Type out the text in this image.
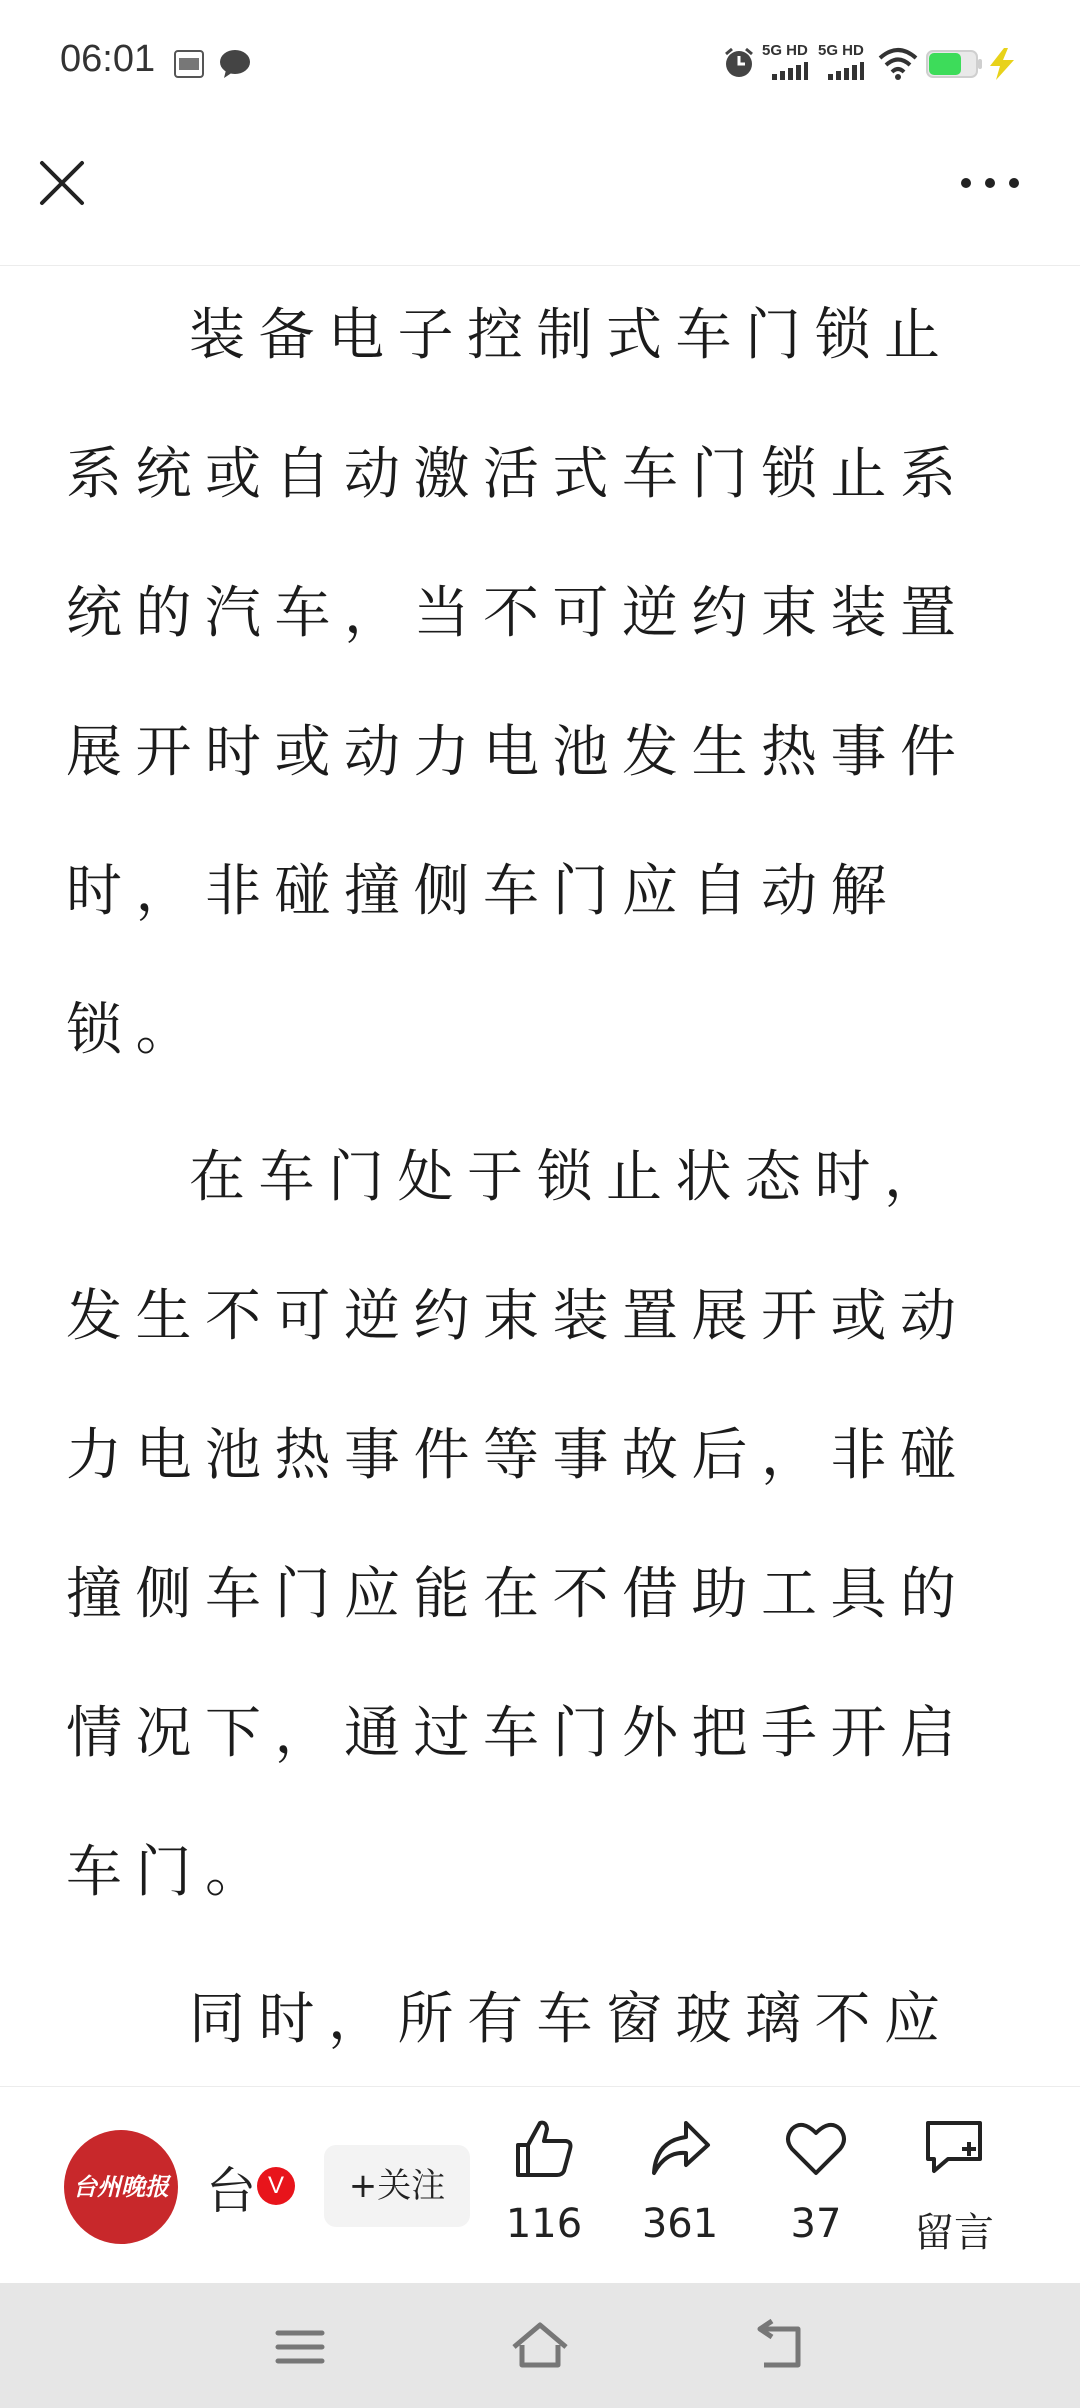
06:01	5G HD 5G HD

装备电子控制式车门锁止系统或自动激活式车门锁止系统的汽车，当不可逆约束装置展开时或动力电池发生热事件时，非碰撞侧车门应自动解锁。

在车门处于锁止状态时，发生不可逆约束装置展开或动力电池热事件等事故后，非碰撞侧车门应能在不借助工具的情况下，通过车门外把手开启车门。

同时，所有车窗玻璃不应

台州晚报 台 V	+关注
116	361	37	留言
